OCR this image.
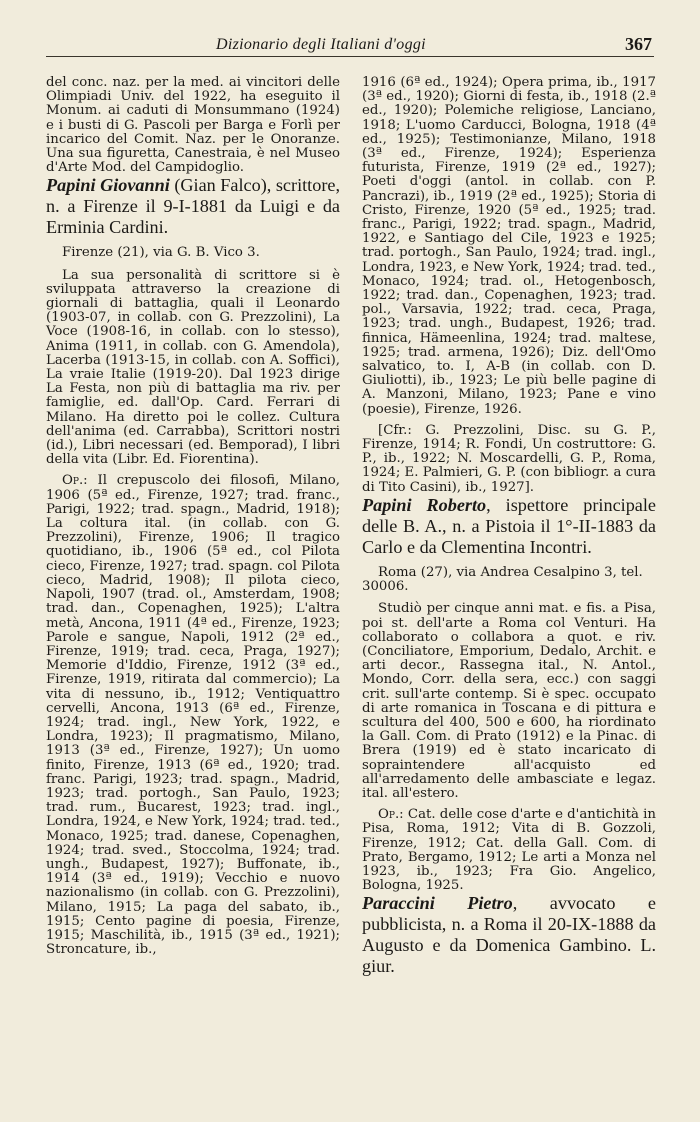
Dizionario degli Italiani d'oggi	367

del conc. naz. per la med. ai vincitori delle Olimpiadi Univ. del 1922, ha eseguito il Monum. ai caduti di Monsummano (1924) e i busti di G. Pascoli per Barga e Forlì per incarico del Comit. Naz. per le Onoranze. Una sua figuretta, Canestraia, è nel Museo d'Arte Mod. del Campidoglio.

Papini Giovanni (Gian Falco), scrittore, n. a Firenze il 9-I-1881 da Luigi e da Erminia Cardini.

Firenze (21), via G. B. Vico 3.

La sua personalità di scrittore si è sviluppata attraverso la creazione di giornali di battaglia, quali il Leonardo (1903-07, in collab. con G. Prezzolini), La Voce (1908-16, in collab. con lo stesso), Anima (1911, in collab. con G. Amendola), Lacerba (1913-15, in collab. con A. Soffici), La vraie Italie (1919-20). Dal 1923 dirige La Festa, non più di battaglia ma riv. per famiglie, ed. dall'Op. Card. Ferrari di Milano. Ha diretto poi le collez. Cultura dell'anima (ed. Carrabba), Scrittori nostri (id.), Libri necessari (ed. Bemporad), I libri della vita (Libr. Ed. Fiorentina).

Op.: Il crepuscolo dei filosofi, Milano, 1906 (5ª ed., Firenze, 1927; trad. franc., Parigi, 1922; trad. spagn., Madrid, 1918); La coltura ital. (in collab. con G. Prezzolini), Firenze, 1906; Il tragico quotidiano, ib., 1906 (5ª ed., col Pilota cieco, Firenze, 1927; trad. spagn. col Pilota cieco, Madrid, 1908); Il pilota cieco, Napoli, 1907 (trad. ol., Amsterdam, 1908; trad. dan., Copenaghen, 1925); L'altra metà, Ancona, 1911 (4ª ed., Firenze, 1923; Parole e sangue, Napoli, 1912 (2ª ed., Firenze, 1919; trad. ceca, Praga, 1927); Memorie d'Iddio, Firenze, 1912 (3ª ed., Firenze, 1919, ritirata dal commercio); La vita di nessuno, ib., 1912; Ventiquattro cervelli, Ancona, 1913 (6ª ed., Firenze, 1924; trad. ingl., New York, 1922, e Londra, 1923); Il pragmatismo, Milano, 1913 (3ª ed., Firenze, 1927); Un uomo finito, Firenze, 1913 (6ª ed., 1920; trad. franc. Parigi, 1923; trad. spagn., Madrid, 1923; trad. portogh., San Paulo, 1923; trad. rum., Bucarest, 1923; trad. ingl., Londra, 1924, e New York, 1924; trad. ted., Monaco, 1925; trad. danese, Copenaghen, 1924; trad. sved., Stoccolma, 1924; trad. ungh., Budapest, 1927); Buffonate, ib., 1914 (3ª ed., 1919); Vecchio e nuovo nazionalismo (in collab. con G. Prezzolini), Milano, 1915; La paga del sabato, ib., 1915; Cento pagine di poesia, Firenze, 1915; Maschilità, ib., 1915 (3ª ed., 1921); Stroncature, ib.,

1916 (6ª ed., 1924); Opera prima, ib., 1917 (3ª ed., 1920); Giorni di festa, ib., 1918 (2.ª ed., 1920); Polemiche religiose, Lanciano, 1918; L'uomo Carducci, Bologna, 1918 (4ª ed., 1925); Testimonianze, Milano, 1918 (3ª ed., Firenze, 1924); Esperienza futurista, Firenze, 1919 (2ª ed., 1927); Poeti d'oggi (antol. in collab. con P. Pancrazi), ib., 1919 (2ª ed., 1925); Storia di Cristo, Firenze, 1920 (5ª ed., 1925; trad. franc., Parigi, 1922; trad. spagn., Madrid, 1922, e Santiago del Cile, 1923 e 1925; trad. portogh., San Paulo, 1924; trad. ingl., Londra, 1923, e New York, 1924; trad. ted., Monaco, 1924; trad. ol., Hetogenbosch, 1922; trad. dan., Copenaghen, 1923; trad. pol., Varsavia, 1922; trad. ceca, Praga, 1923; trad. ungh., Budapest, 1926; trad. finnica, Hämeenlina, 1924; trad. maltese, 1925; trad. armena, 1926); Diz. dell'Omo salvatico, to. I, A-B (in collab. con D. Giuliotti), ib., 1923; Le più belle pagine di A. Manzoni, Milano, 1923; Pane e vino (poesie), Firenze, 1926.

[Cfr.: G. Prezzolini, Disc. su G. P., Firenze, 1914; R. Fondi, Un costruttore: G. P., ib., 1922; N. Moscardelli, G. P., Roma, 1924; E. Palmieri, G. P. (con bibliogr. a cura di Tito Casini), ib., 1927].

Papini Roberto, ispettore principale delle B. A., n. a Pistoia il 1°-II-1883 da Carlo e da Clementina Incontri.

Roma (27), via Andrea Cesalpino 3, tel. 30006.

Studiò per cinque anni mat. e fis. a Pisa, poi st. dell'arte a Roma col Venturi. Ha collaborato o collabora a quot. e riv. (Conciliatore, Emporium, Dedalo, Archit. e arti decor., Rassegna ital., N. Antol., Mondo, Corr. della sera, ecc.) con saggi crit. sull'arte contemp. Si è spec. occupato di arte romanica in Toscana e di pittura e scultura del 400, 500 e 600, ha riordinato la Gall. Com. di Prato (1912) e la Pinac. di Brera (1919) ed è stato incaricato di sopraintendere all'acquisto ed all'arredamento delle ambasciate e legaz. ital. all'estero.

Op.: Cat. delle cose d'arte e d'antichità in Pisa, Roma, 1912; Vita di B. Gozzoli, Firenze, 1912; Cat. della Gall. Com. di Prato, Bergamo, 1912; Le arti a Monza nel 1923, ib., 1923; Fra Gio. Angelico, Bologna, 1925.

Paraccini Pietro, avvocato e pubblicista, n. a Roma il 20-IX-1888 da Augusto e da Domenica Gambino. L. giur.
